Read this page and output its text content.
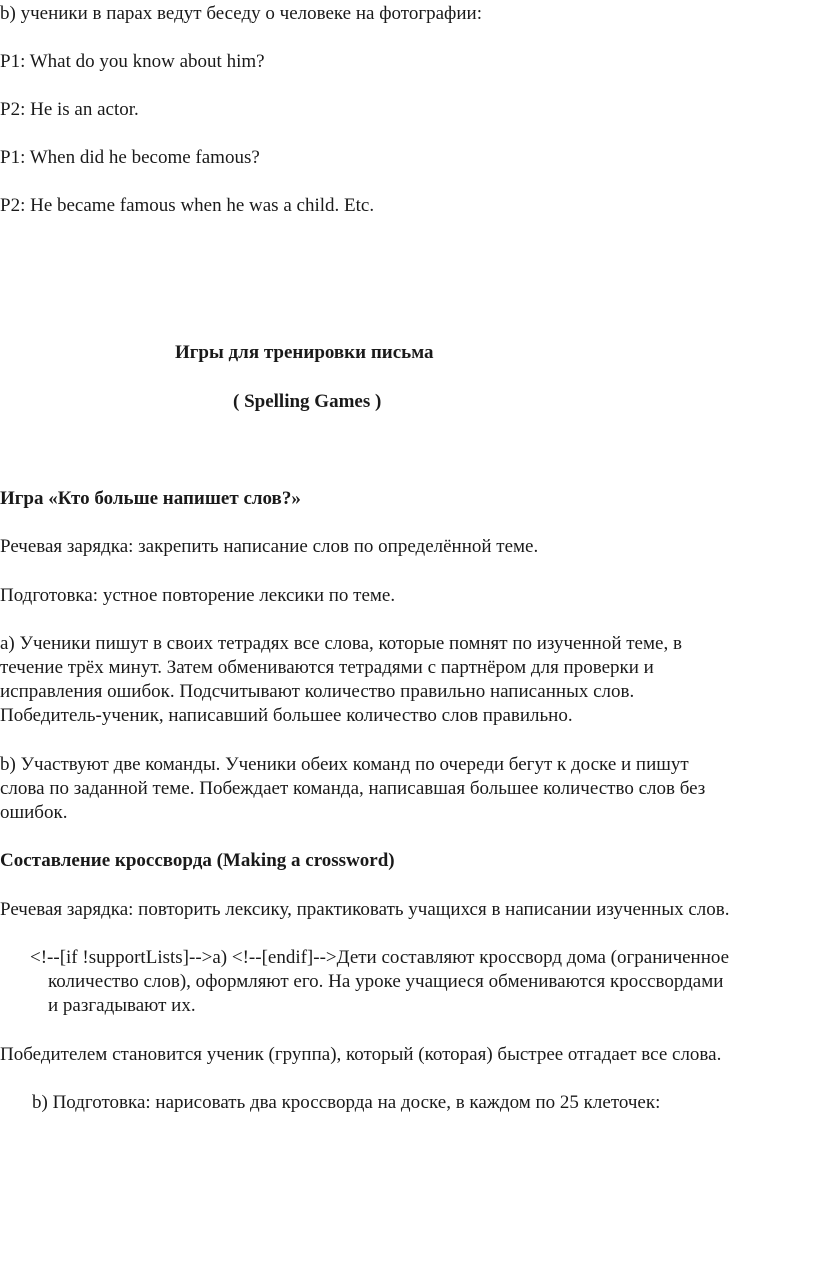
b) ученики в парах ведут беседу о человеке на фотографии:

P1: What do you know about him?

P2: He is an actor.

P1: When did he become famous?

P2: He became famous when he was a child. Etc.

Игры для тренировки письма

( Spelling Games )

Игра «Кто больше напишет слов?»

Речевая зарядка: закрепить написание слов по определённой теме.

Подготовка: устное повторение лексики по теме.

а) Ученики пишут в своих тетрадях все слова, которые помнят по изученной теме, в

течение трёх минут. Затем обмениваются тетрадями с партнёром для проверки и

исправления ошибок. Подсчитывают количество правильно написанных слов.

Победитель-ученик, написавший большее количество слов правильно.

b) Участвуют две команды. Ученики обеих команд по очереди бегут к доске и пишут

слова по заданной теме. Побеждает команда, написавшая большее количество слов без

ошибок.

Составление кроссворда (Making a crossword)

Речевая зарядка: повторить лексику, практиковать учащихся в написании изученных слов.

<!--[if !supportLists]-->а) <!--[endif]-->Дети составляют кроссворд дома (ограниченное

количество слов), оформляют его. На уроке учащиеся обмениваются кроссвордами

и разгадывают их.

Победителем становится ученик (группа), который (которая) быстрее отгадает все слова.

b) Подготовка: нарисовать два кроссворда на доске, в каждом по 25 клеточек:
